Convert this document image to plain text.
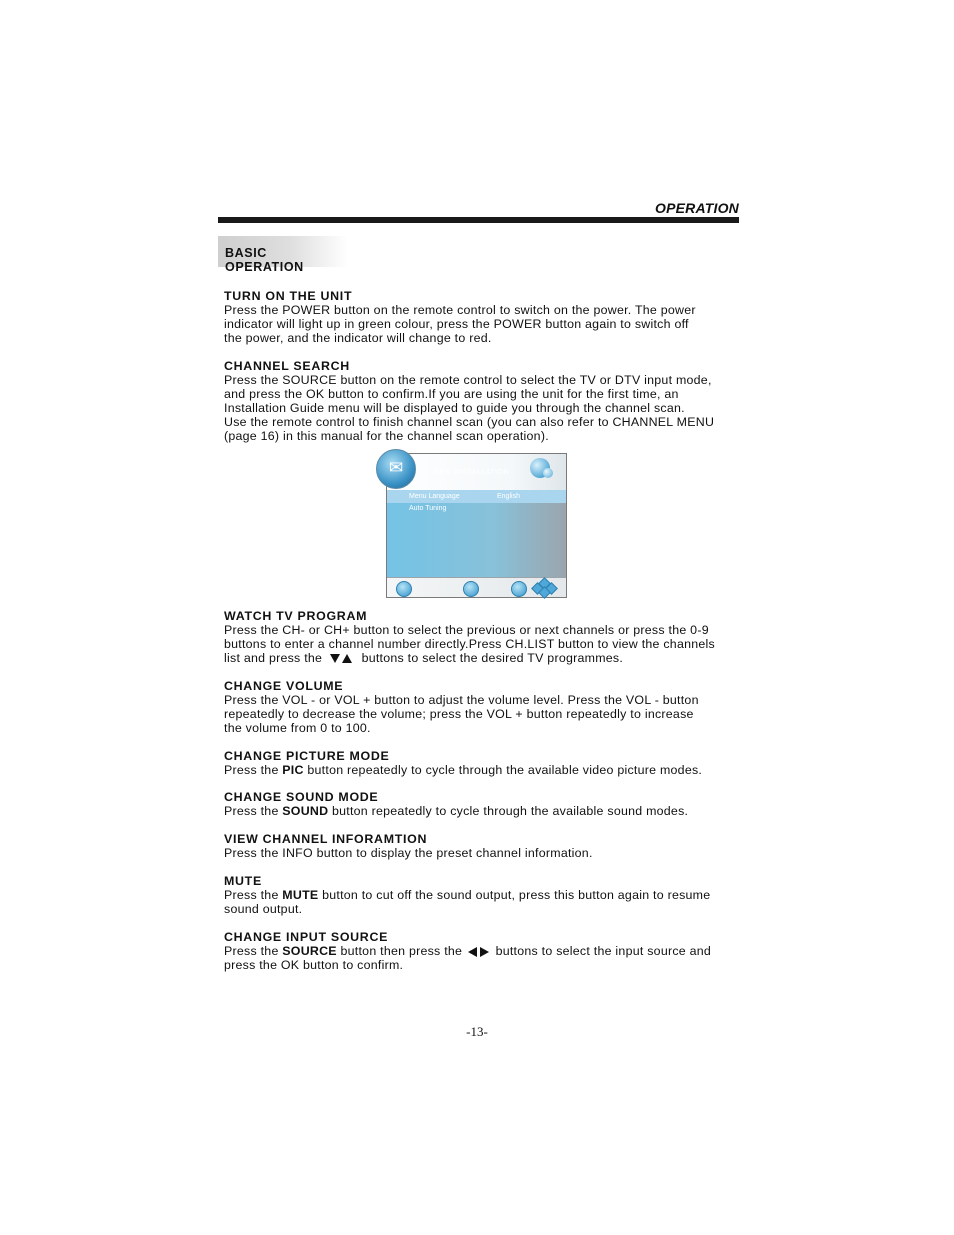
OPERATION
BASIC OPERATION
TURN ON THE UNIT

Press the POWER button on the remote control to switch on the power. The power
indicator will light up in green colour, press the POWER button again to switch off
the power, and the indicator will change to red.

CHANNEL SEARCH

Press the SOURCE button on the remote control to select the TV or DTV input mode,
and press the OK button to confirm.If you are using the unit for the first time, an
Installation Guide menu will be displayed to guide you through the channel scan.
Use the remote control to finish channel scan (you can also refer to CHANNEL MENU
(page 16) in this manual for the channel scan operation).

✉	NEW INSTALLATION
Menu Language	English
Auto Tuning
WATCH TV PROGRAM

Press the CH- or CH+ button to select the previous or next channels or press the 0-9
buttons to enter a channel number directly.Press CH.LIST button to view the channels
list and press the	buttons to select the desired TV programmes.

CHANGE VOLUME

Press the VOL - or VOL + button to adjust the volume level. Press the VOL - button
repeatedly to decrease the volume; press the VOL + button repeatedly to increase
the volume from 0 to 100.

CHANGE PICTURE MODE

Press the PIC button repeatedly to cycle through the available video picture modes.

CHANGE SOUND MODE

Press the SOUND button repeatedly to cycle through the available sound modes.

VIEW CHANNEL INFORAMTION

Press the INFO button to display the preset channel information.

MUTE

Press the MUTE button to cut off the sound output, press this button again to resume
sound output.

CHANGE INPUT SOURCE

Press the SOURCE button then press the	buttons to select the input source and
press the OK button to confirm.

-13-
